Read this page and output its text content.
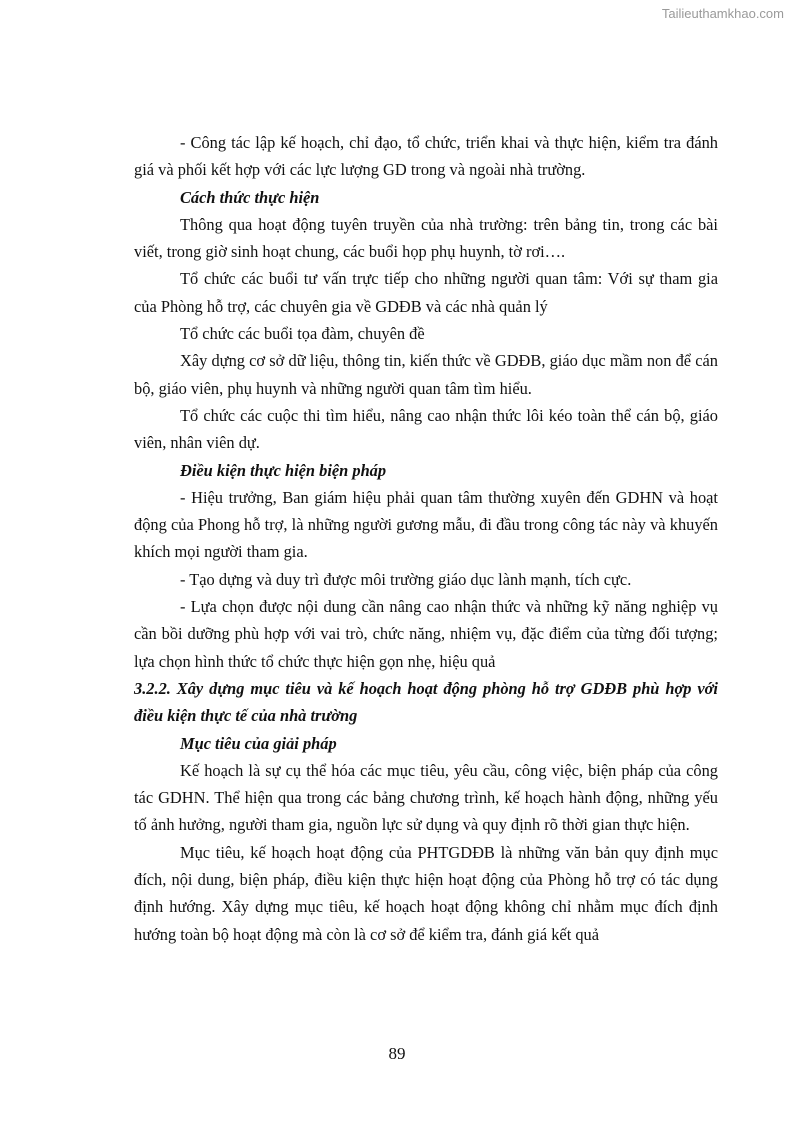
Tailieuthamkhao.com

- Công tác lập kế hoạch, chỉ đạo, tổ chức, triển khai và thực hiện, kiểm tra đánh giá và phối kết hợp với các lực lượng GD trong và ngoài nhà trường.

Cách thức thực hiện

Thông qua hoạt động tuyên truyền của nhà trường: trên bảng tin, trong các bài viết, trong giờ sinh hoạt chung, các buổi họp phụ huynh, tờ rơi….

Tổ chức các buổi tư vấn trực tiếp cho những người quan tâm: Với sự tham gia của Phòng hỗ trợ, các chuyên gia về GDĐB và các nhà quản lý

Tổ chức các buổi tọa đàm, chuyên đề

Xây dựng cơ sở dữ liệu, thông tin, kiến thức về GDĐB, giáo dục mầm non để cán bộ, giáo viên, phụ huynh và những người quan tâm tìm hiểu.

Tổ chức các cuộc thi tìm hiểu, nâng cao nhận thức lôi kéo toàn thể cán bộ, giáo viên, nhân viên dự.

Điều kiện thực hiện biện pháp

- Hiệu trưởng, Ban giám hiệu phải quan tâm thường xuyên đến GDHN và hoạt động của Phong hỗ trợ, là những người gương mẫu, đi đầu trong công tác này và khuyến khích mọi người tham gia.

- Tạo dựng và duy trì được môi trường giáo dục lành mạnh, tích cực.

- Lựa chọn được nội dung cần nâng cao nhận thức và những kỹ năng nghiệp vụ cần bồi dưỡng phù hợp với vai trò, chức năng, nhiệm vụ, đặc điểm của từng đối tượng; lựa chọn hình thức tổ chức thực hiện gọn nhẹ, hiệu quả

3.2.2. Xây dựng mục tiêu và kế hoạch hoạt động phòng hỗ trợ GDĐB phù hợp với điều kiện thực tế của nhà trường

Mục tiêu của giải pháp

Kế hoạch là sự cụ thể hóa các mục tiêu, yêu cầu, công việc, biện pháp của công tác GDHN. Thể hiện qua trong các bảng chương trình, kế hoạch hành động, những yếu tố ảnh hưởng, người tham gia, nguồn lực sử dụng và quy định rõ thời gian thực hiện.

Mục tiêu, kế hoạch hoạt động của PHTGDĐB là những văn bản quy định mục đích, nội dung, biện pháp, điều kiện thực hiện hoạt động của Phòng hỗ trợ có tác dụng định hướng. Xây dựng mục tiêu, kế hoạch hoạt động không chỉ nhằm mục đích định hướng toàn bộ hoạt động mà còn là cơ sở để kiểm tra, đánh giá kết quả

89
